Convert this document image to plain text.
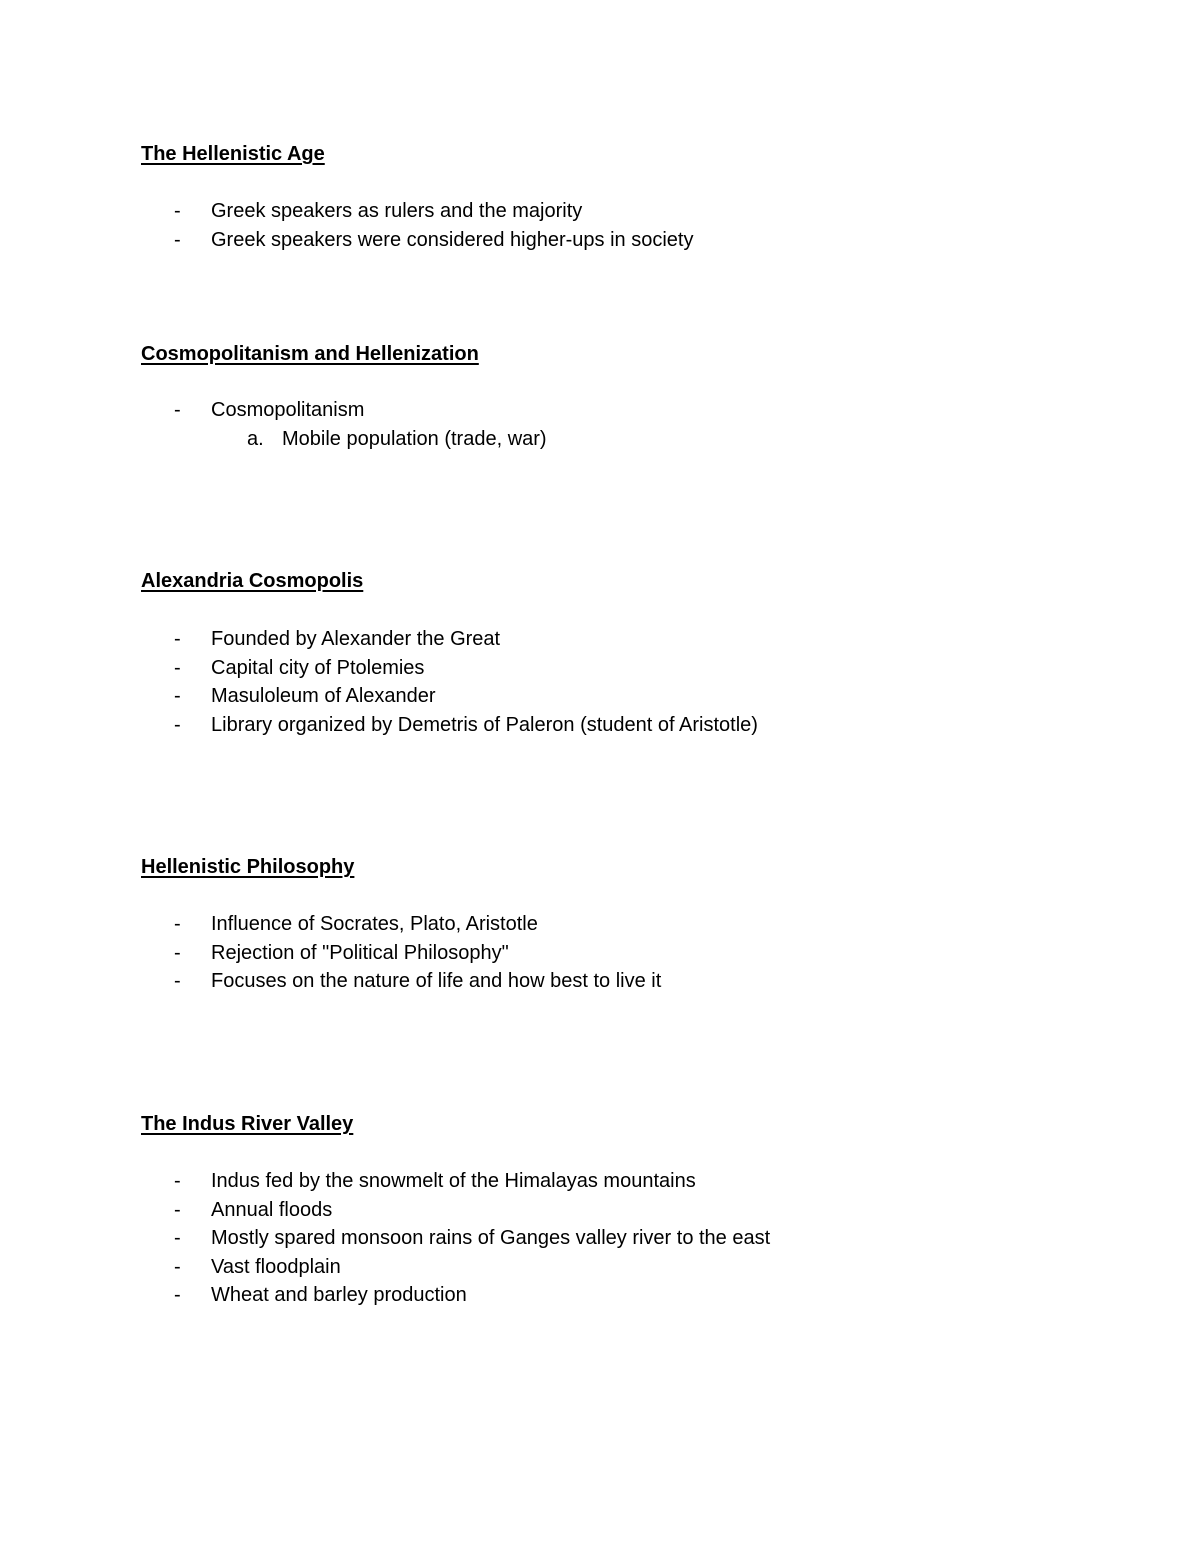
The Hellenistic Age
- Greek speakers as rulers and the majority
- Greek speakers were considered higher-ups in society
Cosmopolitanism and Hellenization
- Cosmopolitanism
a. Mobile population (trade, war)
Alexandria Cosmopolis
- Founded by Alexander the Great
- Capital city of Ptolemies
- Masuloleum of Alexander
- Library organized by Demetris of Paleron (student of Aristotle)
Hellenistic Philosophy
- Influence of Socrates, Plato, Aristotle
- Rejection of "Political Philosophy"
- Focuses on the nature of life and how best to live it
The Indus River Valley
- Indus fed by the snowmelt of the Himalayas mountains
- Annual floods
- Mostly spared monsoon rains of Ganges valley river to the east
- Vast floodplain
- Wheat and barley production
